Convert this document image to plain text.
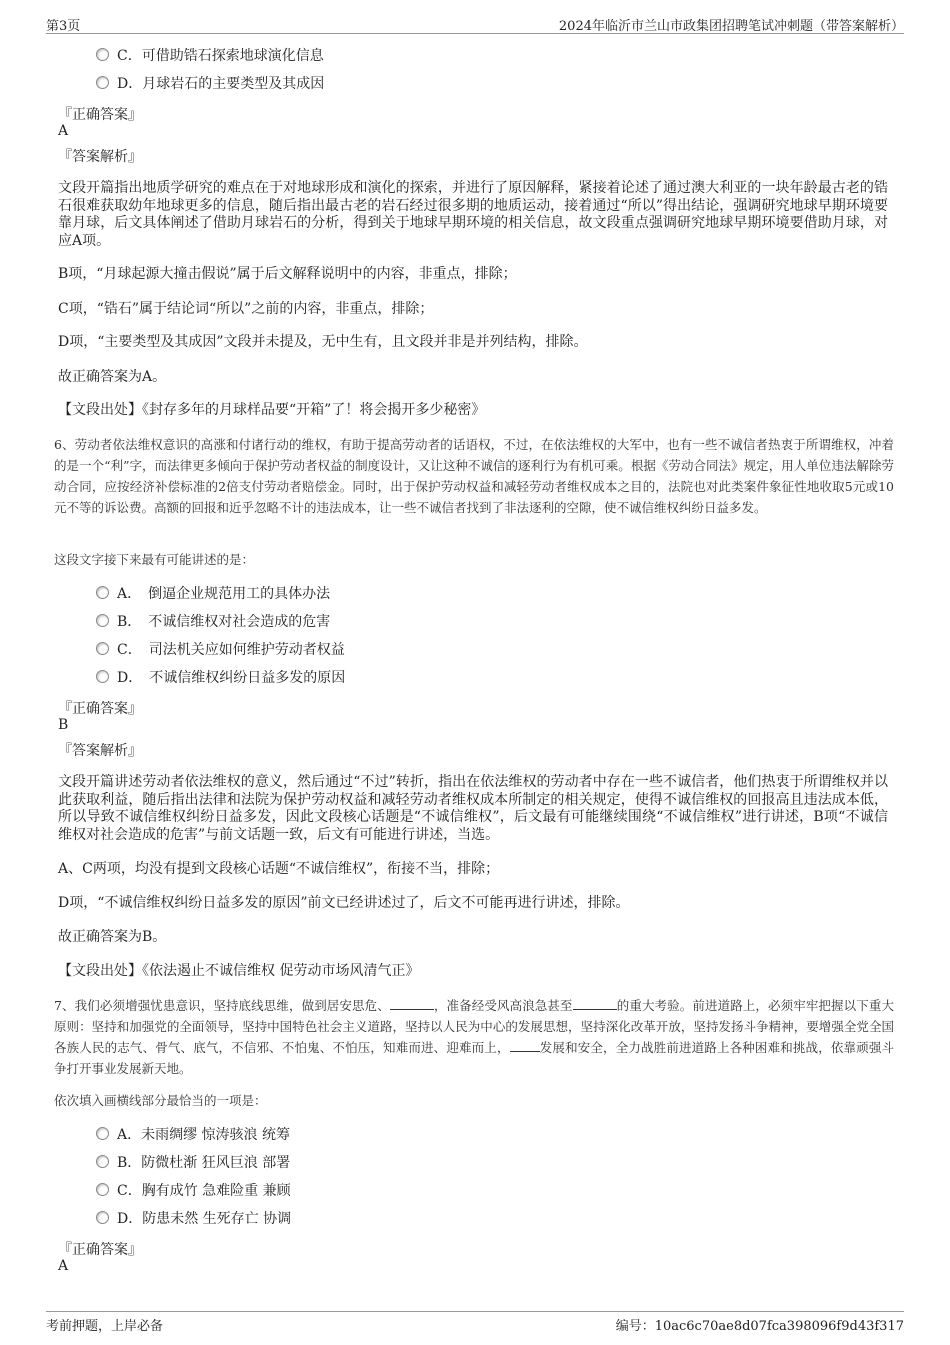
第3页	2024年临沂市兰山市政集团招聘笔试冲刺题（带答案解析）
C．可借助锆石探索地球演化信息
D．月球岩石的主要类型及其成因
『正确答案』
A
『答案解析』
文段开篇指出地质学研究的难点在于对地球形成和演化的探索，并进行了原因解释，紧接着论述了通过澳大利亚的一块年龄最古老的锆石很难获取幼年地球更多的信息，随后指出最古老的岩石经过很多期的地质运动，接着通过“所以”得出结论，强调研究地球早期环境要靠月球，后文具体阐述了借助月球岩石的分析，得到关于地球早期环境的相关信息，故文段重点强调研究地球早期环境要借助月球，对应A项。
B项，“月球起源大撞击假说”属于后文解释说明中的内容，非重点，排除；
C项，“锆石”属于结论词“所以”之前的内容，非重点，排除；
D项，“主要类型及其成因”文段并未提及，无中生有，且文段并非是并列结构，排除。
故正确答案为A。
【文段出处】《封存多年的月球样品要“开箱”了！将会揭开多少秘密》
6、劳动者依法维权意识的高涨和付诸行动的维权，有助于提高劳动者的话语权，不过，在依法维权的大军中，也有一些不诚信者热衷于所谓维权，冲着的是一个“利”字，而法律更多倾向于保护劳动者权益的制度设计，又让这种不诚信的逐利行为有机可乘。根据《劳动合同法》规定，用人单位违法解除劳动合同，应按经济补偿标准的2倍支付劳动者赔偿金。同时，出于保护劳动权益和减轻劳动者维权成本之目的，法院也对此类案件象征性地收取5元或10元不等的诉讼费。高额的回报和近乎忽略不计的违法成本，让一些不诚信者找到了非法逐利的空隙，使不诚信维权纠纷日益多发。
这段文字接下来最有可能讲述的是：
A．　倒逼企业规范用工的具体办法
B．　不诚信维权对社会造成的危害
C．　司法机关应如何维护劳动者权益
D．　不诚信维权纠纷日益多发的原因
『正确答案』
B
『答案解析』
文段开篇讲述劳动者依法维权的意义，然后通过“不过”转折，指出在依法维权的劳动者中存在一些不诚信者，他们热衷于所谓维权并以此获取利益，随后指出法律和法院为保护劳动权益和减轻劳动者维权成本所制定的相关规定，使得不诚信维权的回报高且违法成本低，所以导致不诚信维权纠纷日益多发，因此文段核心话题是“不诚信维权”，后文最有可能继续围绕“不诚信维权”进行讲述，B项“不诚信维权对社会造成的危害”与前文话题一致，后文有可能进行讲述，当选。
A、C两项，均没有提到文段核心话题“不诚信维权”，衔接不当，排除；
D项，“不诚信维权纠纷日益多发的原因”前文已经讲述过了，后文不可能再进行讲述，排除。
故正确答案为B。
【文段出处】《依法遏止不诚信维权 促劳动市场风清气正》
7、我们必须增强忧患意识，坚持底线思维，做到居安思危、	，准备经受风高浪急甚至	的重大考验。前进道路上，必须牢牢把握以下重大原则：坚持和加强党的全面领导，坚持中国特色社会主义道路，坚持以人民为中心的发展思想，坚持深化改革开放，坚持发扬斗争精神，要增强全党全国各族人民的志气、骨气、底气，不信邪、不怕鬼、不怕压，知难而进、迎难而上， 发展和安全，全力战胜前进道路上各种困难和挑战，依靠顽强斗争打开事业发展新天地。
依次填入画横线部分最恰当的一项是：
A．未雨绸缪 惊涛骇浪 统筹
B．防微杜渐 狂风巨浪 部署
C．胸有成竹 急难险重 兼顾
D．防患未然 生死存亡 协调
『正确答案』
A
考前押题，上岸必备	编号：10ac6c70ae8d07fca398096f9d43f317
